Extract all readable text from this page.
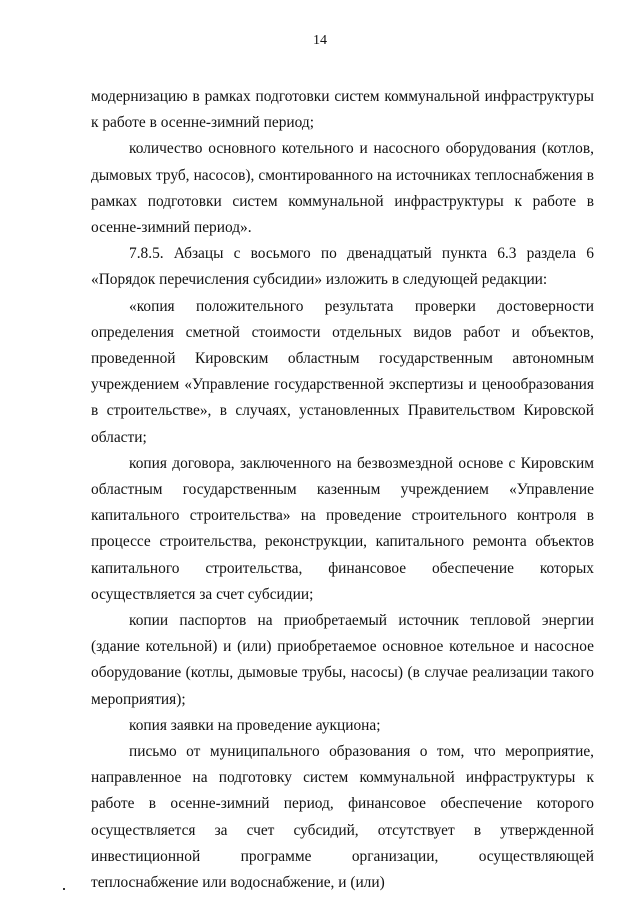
14

модернизацию в рамках подготовки систем коммунальной инфраструктуры к работе в осенне-зимний период;

количество основного котельного и насосного оборудования (котлов, дымовых труб, насосов), смонтированного на источниках теплоснабжения в рамках подготовки систем коммунальной инфраструктуры к работе в осенне-зимний период».

7.8.5. Абзацы с восьмого по двенадцатый пункта 6.3 раздела 6 «Порядок перечисления субсидии» изложить в следующей редакции:

«копия положительного результата проверки достоверности определения сметной стоимости отдельных видов работ и объектов, проведенной Кировским областным государственным автономным учреждением «Управление государственной экспертизы и ценообразования в строительстве», в случаях, установленных Правительством Кировской области;

копия договора, заключенного на безвозмездной основе с Кировским областным государственным казенным учреждением «Управление капитального строительства» на проведение строительного контроля в процессе строительства, реконструкции, капитального ремонта объектов капитального строительства, финансовое обеспечение которых осуществляется за счет субсидии;

копии паспортов на приобретаемый источник тепловой энергии (здание котельной) и (или) приобретаемое основное котельное и насосное оборудование (котлы, дымовые трубы, насосы) (в случае реализации такого мероприятия);

копия заявки на проведение аукциона;

письмо от муниципального образования о том, что мероприятие, направленное на подготовку систем коммунальной инфраструктуры к работе в осенне-зимний период, финансовое обеспечение которого осуществляется за счет субсидий, отсутствует в утвержденной инвестиционной программе организации, осуществляющей теплоснабжение или водоснабжение, и (или)
